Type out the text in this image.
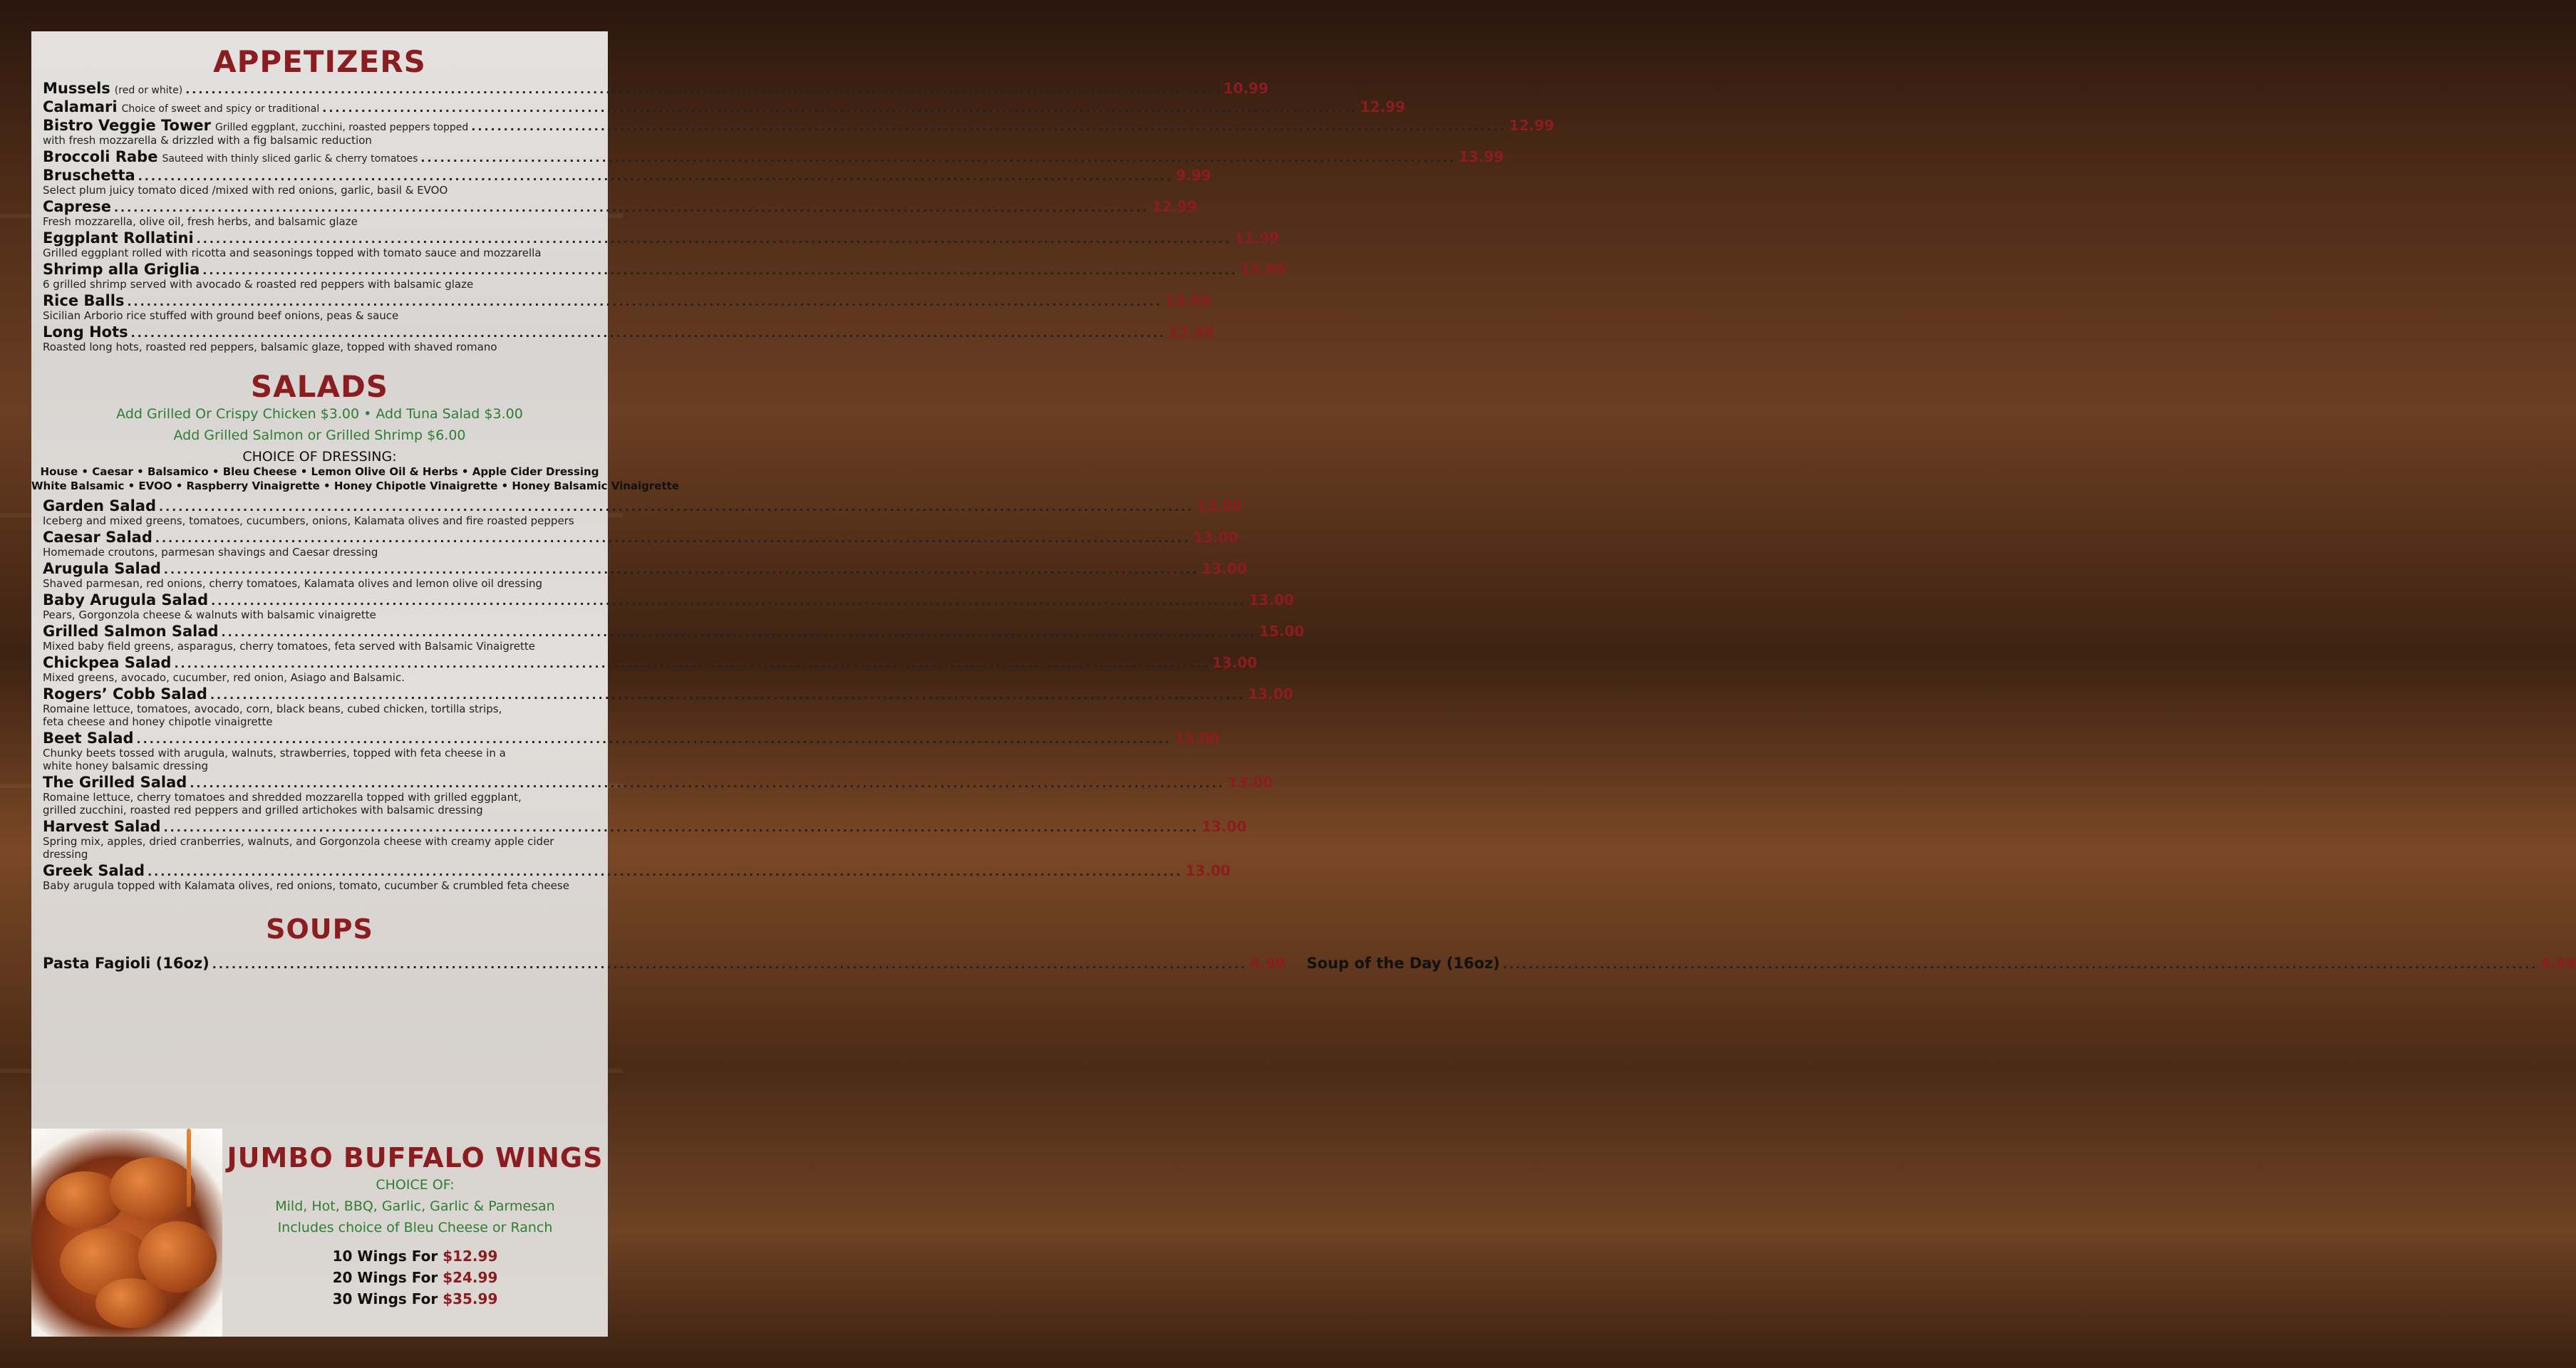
APPETIZERS
Mussels (red or white) .....	10.99
Calamari Choice of sweet and spicy or traditional .....	12.99
Bistro Veggie Tower Grilled eggplant, zucchini, roasted peppers topped .....	12.99
with fresh mozzarella & drizzled with a fig balsamic reduction
Broccoli Rabe Sauteed with thinly sliced garlic & cherry tomatoes .....	13.99
Bruschetta .....	9.99
Select plum juicy tomato diced /mixed with red onions, garlic, basil & EVOO
Caprese .....	12.99
Fresh mozzarella, olive oil, fresh herbs, and balsamic glaze
Eggplant Rollatini .....	11.99
Grilled eggplant rolled with ricotta and seasonings topped with tomato sauce and mozzarella
Shrimp alla Griglia .....	15.99
6 grilled shrimp served with avocado & roasted red peppers with balsamic glaze
Rice Balls .....	13.99
Sicilian Arborio rice stuffed with ground beef onions, peas & sauce
Long Hots .....	12.99
Roasted long hots, roasted red peppers, balsamic glaze, topped with shaved romano
SALADS
Add Grilled Or Crispy Chicken $3.00 • Add Tuna Salad $3.00
Add Grilled Salmon or Grilled Shrimp $6.00
CHOICE OF DRESSING:
House • Caesar • Balsamico • Bleu Cheese • Lemon Olive Oil & Herbs • Apple Cider Dressing
White Balsamic • EVOO • Raspberry Vinaigrette • Honey Chipotle Vinaigrette • Honey Balsamic Vinaigrette
Garden Salad .....	13.00
Iceberg and mixed greens, tomatoes, cucumbers, onions, Kalamata olives and fire roasted peppers
Caesar Salad .....	13.00
Homemade croutons, parmesan shavings and Caesar dressing
Arugula Salad .....	13.00
Shaved parmesan, red onions, cherry tomatoes, Kalamata olives and lemon olive oil dressing
Baby Arugula Salad .....	13.00
Pears, Gorgonzola cheese & walnuts with balsamic vinaigrette
Grilled Salmon Salad .....	15.00
Mixed baby field greens, asparagus, cherry tomatoes, feta served with Balsamic Vinaigrette
Chickpea Salad .....	13.00
Mixed greens, avocado, cucumber, red onion, Asiago and Balsamic.
Rogers’ Cobb Salad .....	13.00
Romaine lettuce, tomatoes, avocado, corn, black beans, cubed chicken, tortilla strips,
feta cheese and honey chipotle vinaigrette
Beet Salad .....	13.00
Chunky beets tossed with arugula, walnuts, strawberries, topped with feta cheese in a
white honey balsamic dressing
The Grilled Salad .....	13.00
Romaine lettuce, cherry tomatoes and shredded mozzarella topped with grilled eggplant,
grilled zucchini, roasted red peppers and grilled artichokes with balsamic dressing
Harvest Salad .....	13.00
Spring mix, apples, dried cranberries, walnuts, and Gorgonzola cheese with creamy apple cider dressing
Greek Salad .....	13.00
Baby arugula topped with Kalamata olives, red onions, tomato, cucumber & crumbled feta cheese
SOUPS
Pasta Fagioli (16oz) .....	4.99 Soup of the Day (16oz) .....	4.99
JUMBO BUFFALO WINGS
CHOICE OF:
Mild, Hot, BBQ, Garlic, Garlic & Parmesan
Includes choice of Bleu Cheese or Ranch
10 Wings For $12.99
20 Wings For $24.99
30 Wings For $35.99
